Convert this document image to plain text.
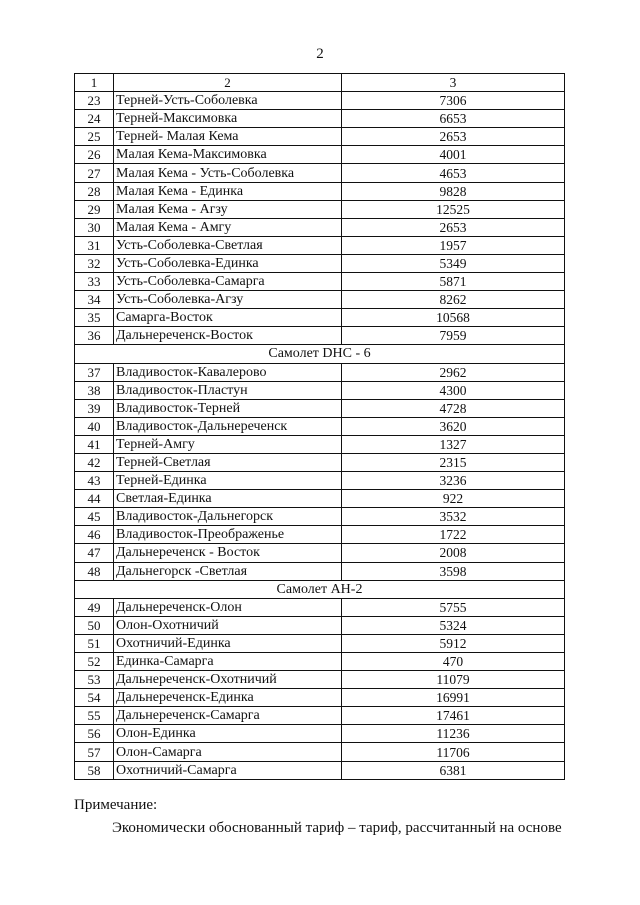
2
1	2	3
23	Терней-Усть-Соболевка	7306
24	Терней-Максимовка	6653
25	Терней- Малая Кема	2653
26	Малая Кема-Максимовка	4001
27	Малая Кема - Усть-Соболевка	4653
28	Малая Кема - Единка	9828
29	Малая Кема - Агзу	12525
30	Малая Кема - Амгу	2653
31	Усть-Соболевка-Светлая	1957
32	Усть-Соболевка-Единка	5349
33	Усть-Соболевка-Самарга	5871
34	Усть-Соболевка-Агзу	8262
35	Самарга-Восток	10568
36	Дальнереченск-Восток	7959
Самолет DHC - 6		
37	Владивосток-Кавалерово	2962
38	Владивосток-Пластун	4300
39	Владивосток-Терней	4728
40	Владивосток-Дальнереченск	3620
41	Терней-Амгу	1327
42	Терней-Светлая	2315
43	Терней-Единка	3236
44	Светлая-Единка	922
45	Владивосток-Дальнегорск	3532
46	Владивосток-Преображенье	1722
47	Дальнереченск - Восток	2008
48	Дальнегорск -Светлая	3598
Самолет АН-2		
49	Дальнереченск-Олон	5755
50	Олон-Охотничий	5324
51	Охотничий-Единка	5912
52	Единка-Самарга	470
53	Дальнереченск-Охотничий	11079
54	Дальнереченск-Единка	16991
55	Дальнереченск-Самарга	17461
56	Олон-Единка	11236
57	Олон-Самарга	11706
58	Охотничий-Самарга	6381
Примечание:
Экономически обоснованный тариф – тариф, рассчитанный на основе
